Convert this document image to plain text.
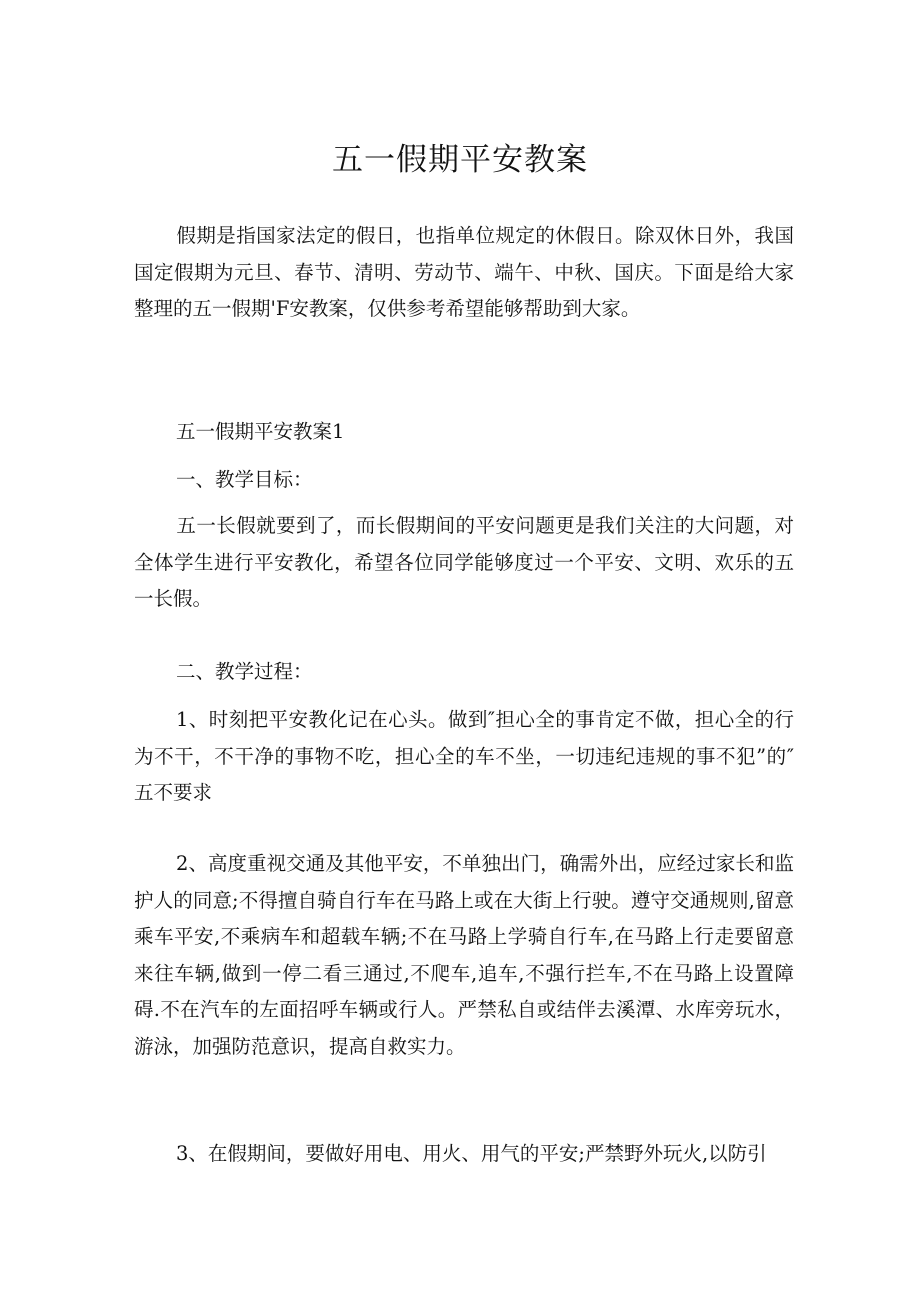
五一假期平安教案

假期是指国家法定的假日，也指单位规定的休假日。除双休日外，我国国定假期为元旦、春节、清明、劳动节、端午、中秋、国庆。下面是给大家整理的五一假期'F安教案，仅供参考希望能够帮助到大家。

五一假期平安教案1

一、教学目标：

五一长假就要到了，而长假期间的平安问题更是我们关注的大问题，对全体学生进行平安教化，希望各位同学能够度过一个平安、文明、欢乐的五一长假。

二、教学过程：

1、时刻把平安教化记在心头。做到″担心全的事肯定不做，担心全的行为不干，不干净的事物不吃，担心全的车不坐，一切违纪违规的事不犯”的″五不要求

2、高度重视交通及其他平安，不单独出门，确需外出，应经过家长和监护人的同意;不得擅自骑自行车在马路上或在大街上行驶。遵守交通规则,留意乘车平安,不乘病车和超载车辆;不在马路上学骑自行车,在马路上行走要留意来往车辆,做到一停二看三通过,不爬车,追车,不强行拦车,不在马路上设置障碍.不在汽车的左面招呼车辆或行人。严禁私自或结伴去溪潭、水库旁玩水，游泳，加强防范意识，提高自救实力。

3、在假期间，要做好用电、用火、用气的平安;严禁野外玩火,以防引
